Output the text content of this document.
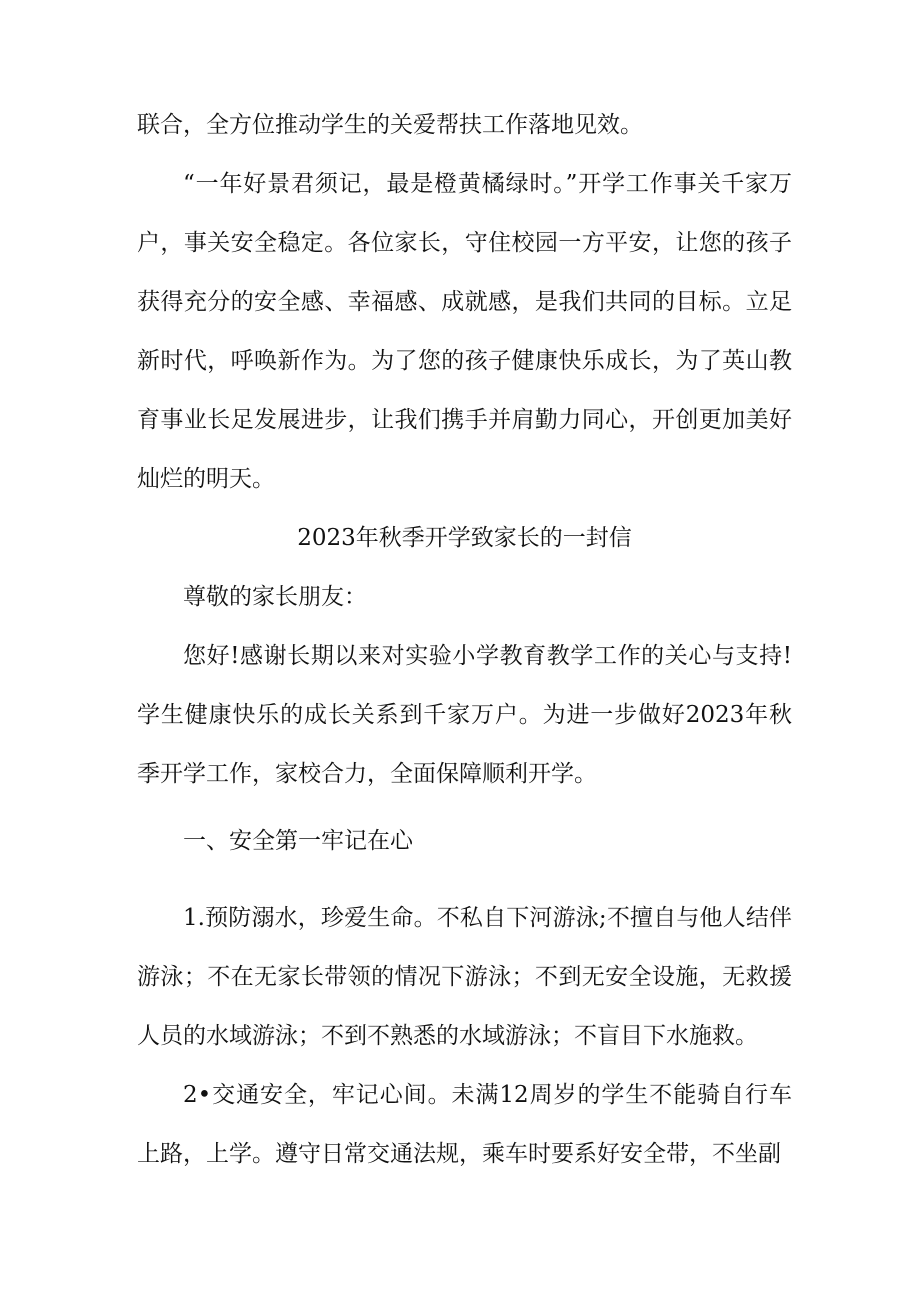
联合，全方位推动学生的关爱帮扶工作落地见效。

“一年好景君须记，最是橙黄橘绿时。”开学工作事关千家万户，事关安全稳定。各位家长，守住校园一方平安，让您的孩子获得充分的安全感、幸福感、成就感，是我们共同的目标。立足新时代，呼唤新作为。为了您的孩子健康快乐成长，为了英山教育事业长足发展进步，让我们携手并肩勤力同心，开创更加美好灿烂的明天。

2023年秋季开学致家长的一封信

尊敬的家长朋友：

您好!感谢长期以来对实验小学教育教学工作的关心与支持!学生健康快乐的成长关系到千家万户。为进一步做好2023年秋季开学工作，家校合力，全面保障顺利开学。

一、安全第一牢记在心

1.预防溺水，珍爱生命。不私自下河游泳;不擅自与他人结伴游泳；不在无家长带领的情况下游泳；不到无安全设施，无救援人员的水域游泳；不到不熟悉的水域游泳；不盲目下水施救。

2•交通安全，牢记心间。未满12周岁的学生不能骑自行车上路，上学。遵守日常交通法规，乘车时要系好安全带，不坐副
